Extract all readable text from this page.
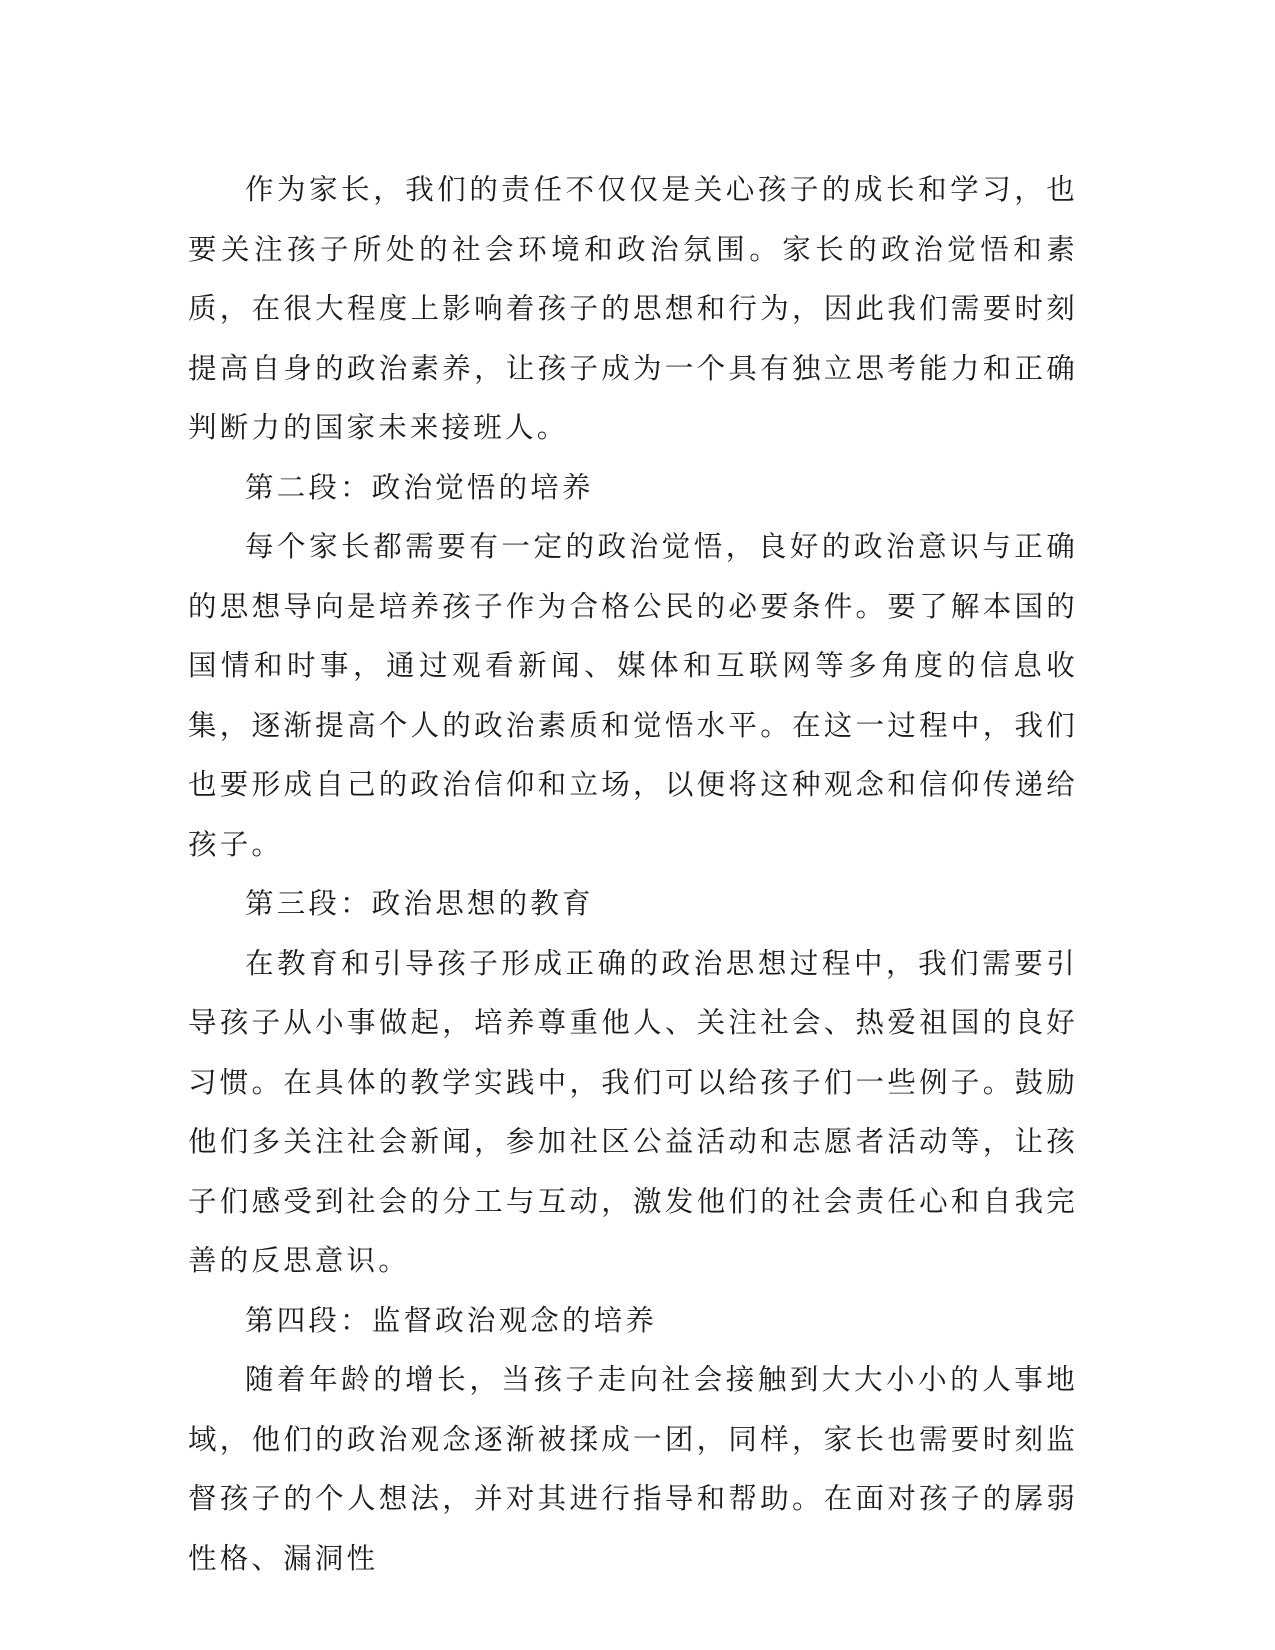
作为家长，我们的责任不仅仅是关心孩子的成长和学习，也要关注孩子所处的社会环境和政治氛围。家长的政治觉悟和素质，在很大程度上影响着孩子的思想和行为，因此我们需要时刻提高自身的政治素养，让孩子成为一个具有独立思考能力和正确判断力的国家未来接班人。

第二段：政治觉悟的培养

每个家长都需要有一定的政治觉悟，良好的政治意识与正确的思想导向是培养孩子作为合格公民的必要条件。要了解本国的国情和时事，通过观看新闻、媒体和互联网等多角度的信息收集，逐渐提高个人的政治素质和觉悟水平。在这一过程中，我们也要形成自己的政治信仰和立场，以便将这种观念和信仰传递给孩子。

第三段：政治思想的教育

在教育和引导孩子形成正确的政治思想过程中，我们需要引导孩子从小事做起，培养尊重他人、关注社会、热爱祖国的良好习惯。在具体的教学实践中，我们可以给孩子们一些例子。鼓励他们多关注社会新闻，参加社区公益活动和志愿者活动等，让孩子们感受到社会的分工与互动，激发他们的社会责任心和自我完善的反思意识。

第四段：监督政治观念的培养

随着年龄的增长，当孩子走向社会接触到大大小小的人事地域，他们的政治观念逐渐被揉成一团，同样，家长也需要时刻监督孩子的个人想法，并对其进行指导和帮助。在面对孩子的孱弱性格、漏洞性
